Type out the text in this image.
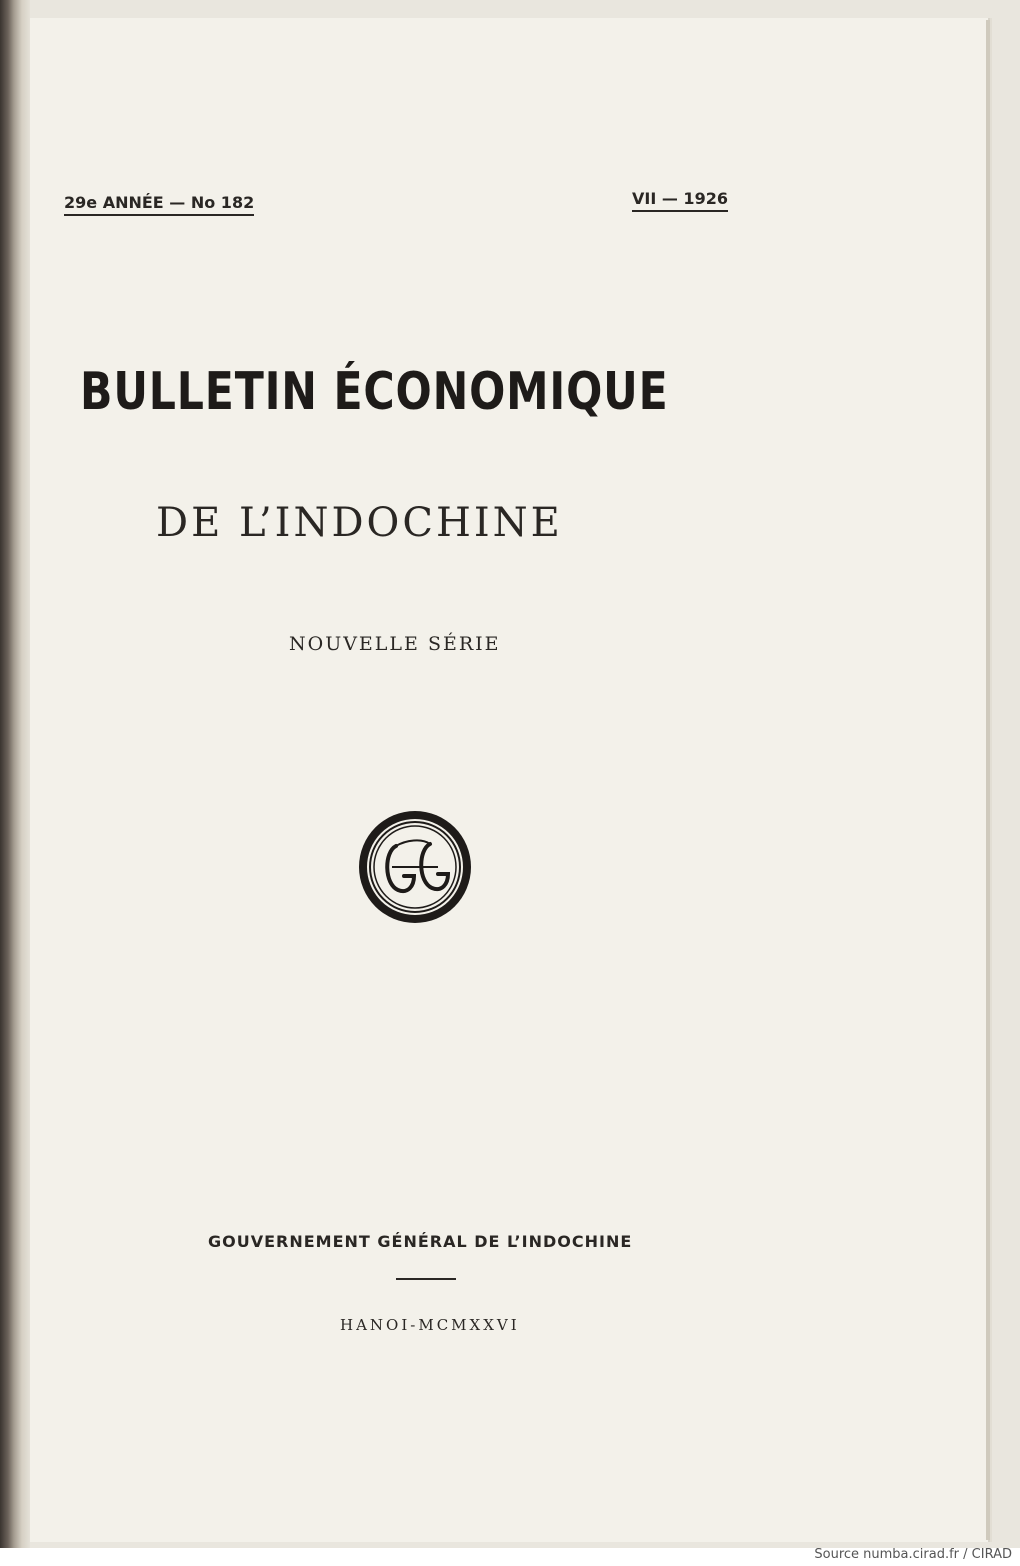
29e ANNÉE — No 182	VII — 1926
BULLETIN ÉCONOMIQUE
DE L’INDOCHINE
NOUVELLE SÉRIE
GOUVERNEMENT GÉNÉRAL DE L’INDOCHINE
HANOI-MCMXXVI
Source numba.cirad.fr / CIRAD
